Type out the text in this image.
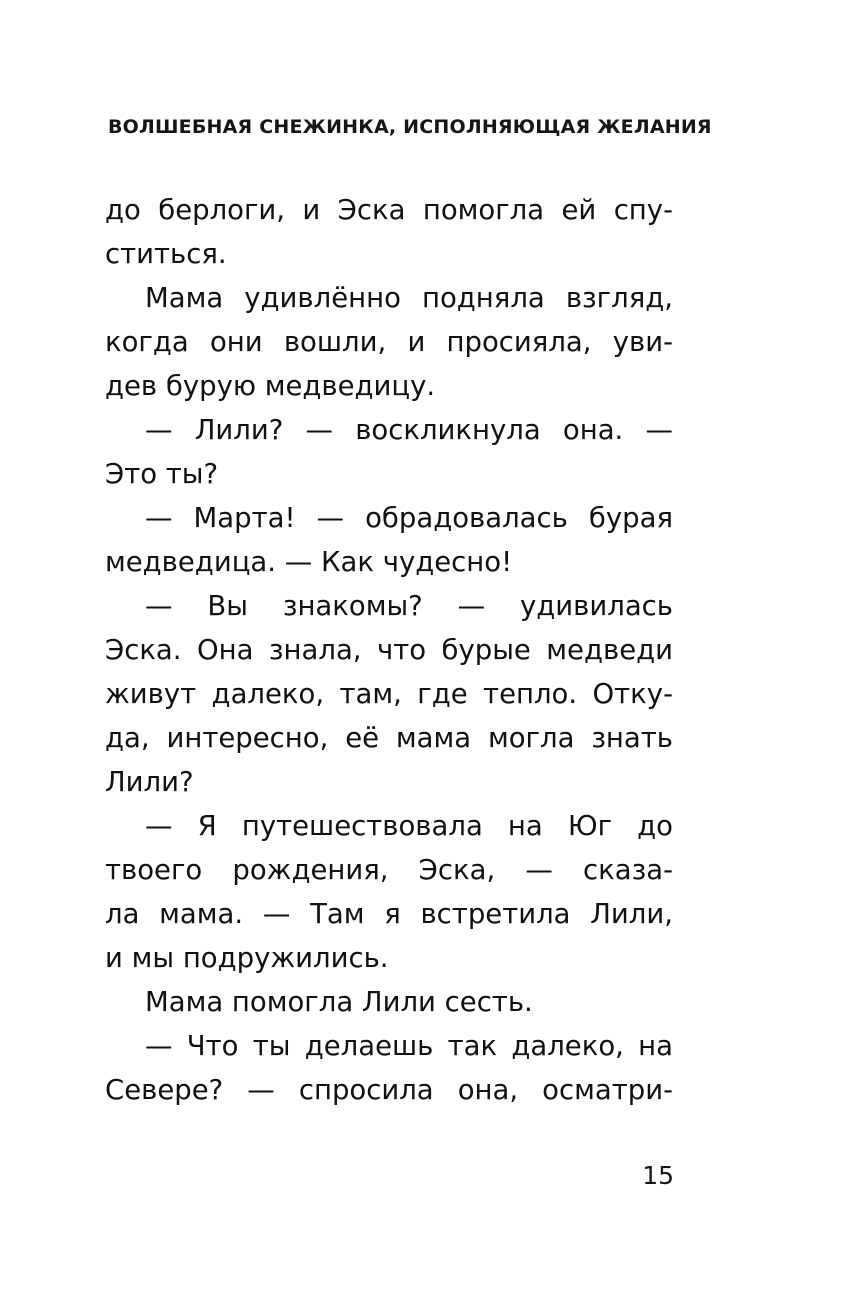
ВОЛШЕБНАЯ СНЕЖИНКА, ИСПОЛНЯЮЩАЯ ЖЕЛАНИЯ
до берлоги, и Эска помогла ей спу-
ститься.
Мама удивлённо подняла взгляд,
когда они вошли, и просияла, уви-
дев бурую медведицу.
— Лили? — воскликнула она. —
Это ты?
— Марта! — обрадовалась бурая
медведица. — Как чудесно!
— Вы знакомы? — удивилась
Эска. Она знала, что бурые медведи
живут далеко, там, где тепло. Отку-
да, интересно, её мама могла знать
Лили?
— Я путешествовала на Юг до
твоего рождения, Эска, — сказа-
ла мама. — Там я встретила Лили,
и мы подружились.
Мама помогла Лили сесть.
— Что ты делаешь так далеко, на
Севере? — спросила она, осматри-
15
